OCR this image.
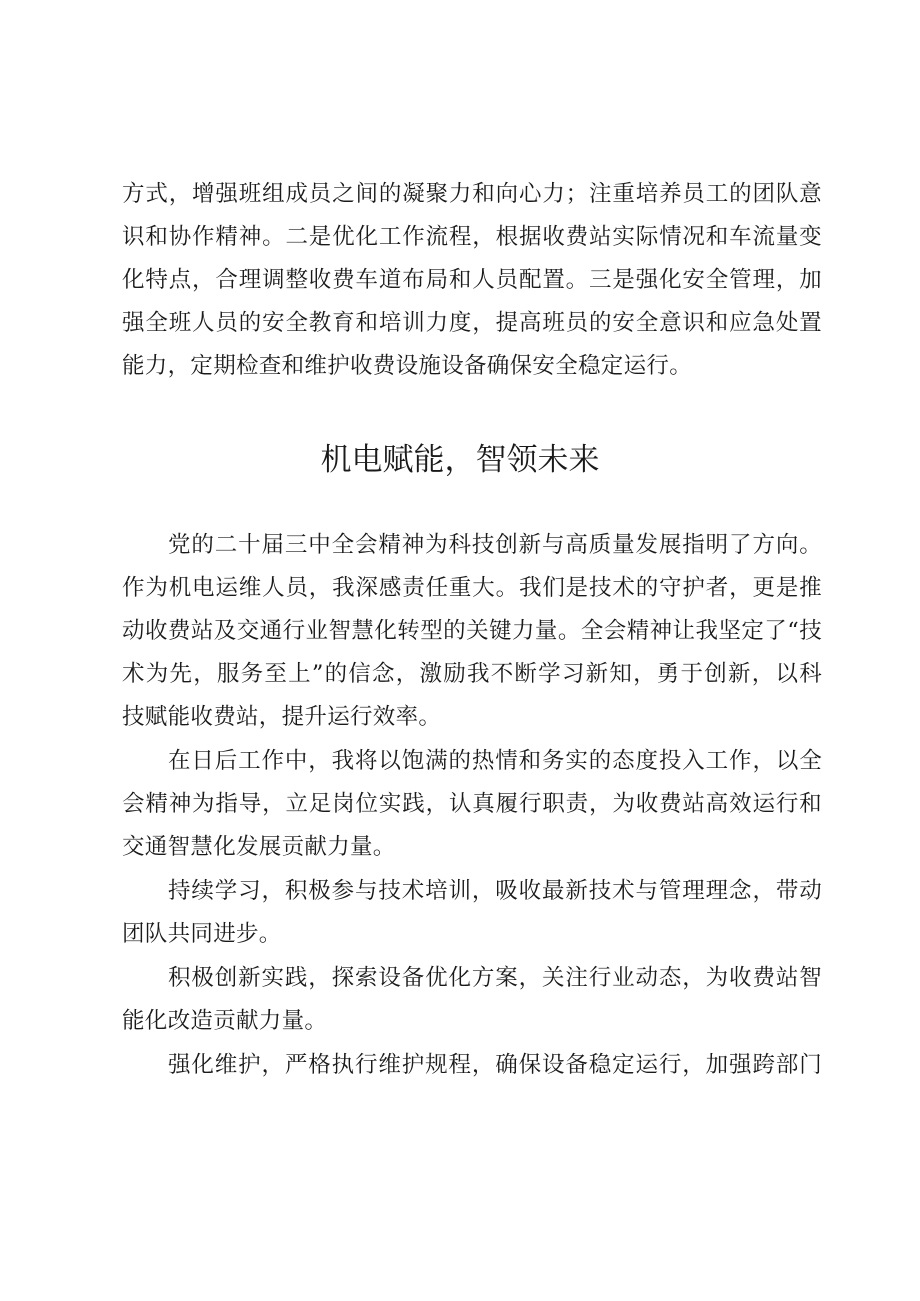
方式，增强班组成员之间的凝聚力和向心力；注重培养员工的团队意
识和协作精神。二是优化工作流程，根据收费站实际情况和车流量变
化特点，合理调整收费车道布局和人员配置。三是强化安全管理，加
强全班人员的安全教育和培训力度，提高班员的安全意识和应急处置
能力，定期检查和维护收费设施设备确保安全稳定运行。
机电赋能，智领未来
党的二十届三中全会精神为科技创新与高质量发展指明了方向。
作为机电运维人员，我深感责任重大。我们是技术的守护者，更是推
动收费站及交通行业智慧化转型的关键力量。全会精神让我坚定了“技
术为先，服务至上”的信念，激励我不断学习新知，勇于创新，以科
技赋能收费站，提升运行效率。
在日后工作中，我将以饱满的热情和务实的态度投入工作，以全
会精神为指导，立足岗位实践，认真履行职责，为收费站高效运行和
交通智慧化发展贡献力量。
持续学习，积极参与技术培训，吸收最新技术与管理理念，带动
团队共同进步。
积极创新实践，探索设备优化方案，关注行业动态，为收费站智
能化改造贡献力量。
强化维护，严格执行维护规程，确保设备稳定运行，加强跨部门
